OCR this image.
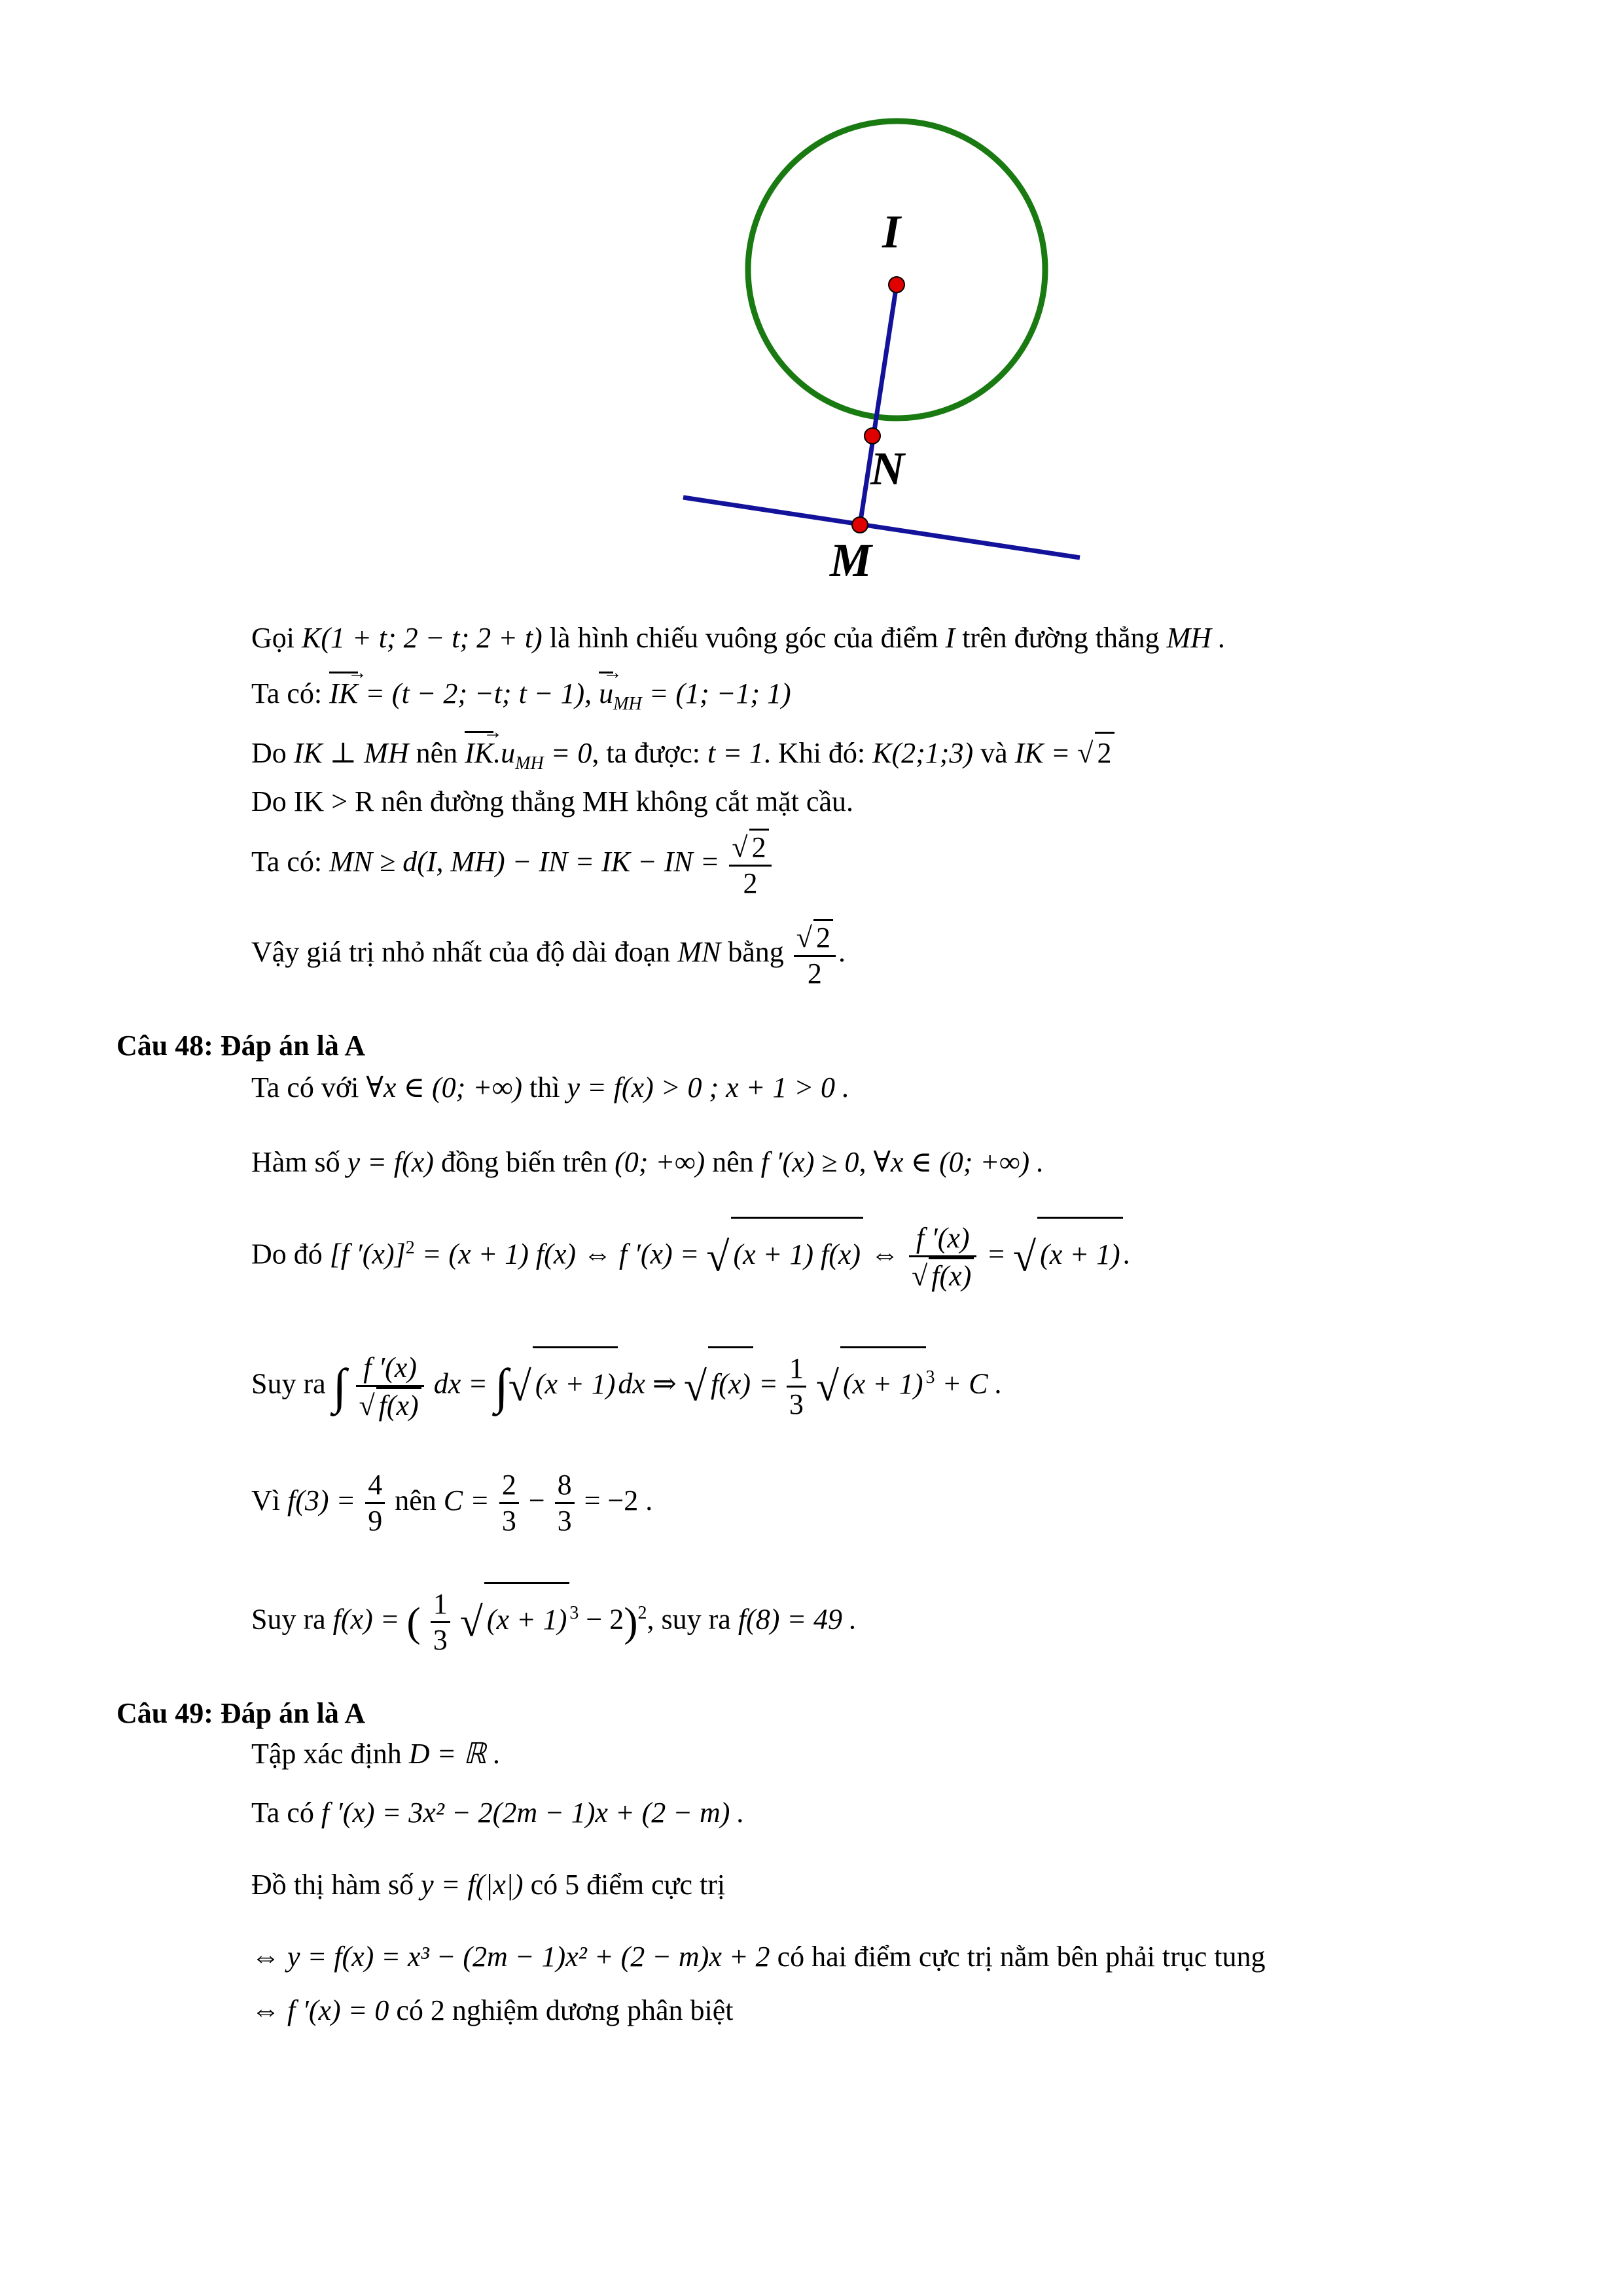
I
N
M
Gọi K(1 + t; 2 − t; 2 + t) là hình chiếu vuông góc của điểm I trên đường thẳng MH .
Ta có: IK → = (t − 2; −t; t − 1), $u \to_{MH} = (1$; −1; 1)
Do IK ⊥ MH nên IK $\to.u_{MH} = 0$, ta được: t = 1. Khi đó: K(2;1;3) và IK = √ 2
Do IK > R nên đường thẳng MH không cắt mặt cầu.
Ta có: MN ≥ d(I, MH) − IN = IK − IN = $\frac{√ 2}{2}$
Vậy giá trị nhỏ nhất của độ dài đoạn MN bằng $\frac{√ 2}{2}$ .
Câu 48: Đáp án là A
Ta có với ∀x ∈ (0; +∞) thì y = f(x) > 0 ; x + 1 > 0 .
Hàm số y = f(x) đồng biến trên (0; +∞) nên f ′(x) ≥ 0, ∀x ∈ (0; +∞) .
Do đó [f ′(x)]$^2$ = (x + 1) f(x) ⇔ f ′(x) = √ (x + 1) f(x) ⇔ $\frac{f '(x)}{√ f(x)}$ = √ (x + 1).
Suy ra ∫ $\frac{f '(x)}{√ f(x)}$ dx = ∫√ (x + 1)dx ⇒ √ $f(x) = \frac{1}{3}$ √ (x + 1) $^3$ + C .
Vì $f(3) = \frac{4}{9}$ nên $C = \frac{2}{3} - \frac{8}{3} = -2$ .
Suy ra f(x) = ( $\frac{1}{3}$ √ (x + 1) $^3$ − 2)$^2$, suy ra f(8) = 49 .
Câu 49: Đáp án là A
Tập xác định D = ℝ .
Ta có f ′(x) = 3x² − 2(2m − 1)x + (2 − m) .
Đồ thị hàm số y = f(|x|) có 5 điểm cực trị
⇔ y = f(x) = x³ − (2m − 1)x² + (2 − m)x + 2 có hai điểm cực trị nằm bên phải trục tung
⇔ f ′(x) = 0 có 2 nghiệm dương phân biệt
